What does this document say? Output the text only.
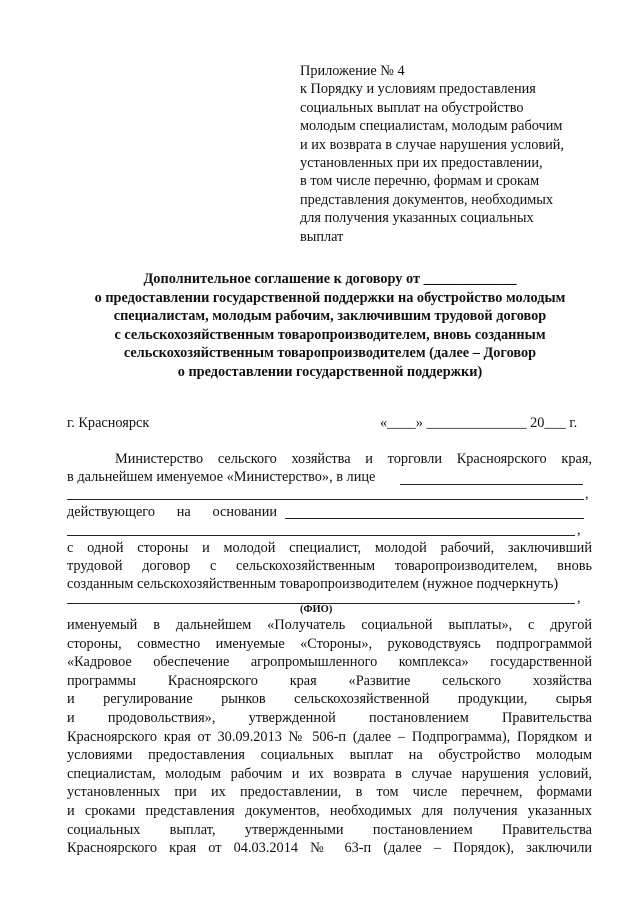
Приложение № 4
к Порядку и условиям предоставления
социальных выплат на обустройство
молодым специалистам, молодым рабочим
и их возврата в случае нарушения условий,
установленных при их предоставлении,
в том числе перечню, формам и срокам
представления документов, необходимых
для получения указанных социальных
выплат
Дополнительное соглашение к договору от _____________
о предоставлении государственной поддержки на обустройство молодым
специалистам, молодым рабочим, заключившим трудовой договор
с сельскохозяйственным товаропроизводителем, вновь созданным
сельскохозяйственным товаропроизводителем (далее – Договор
о предоставлении государственной поддержки)
г. Красноярск	«____» ______________ 20___ г.
Министерство сельского хозяйства и торговли Красноярского края,
в дальнейшем именуемое «Министерство», в лице
,
действующего на основании
,
с одной стороны и молодой специалист, молодой рабочий, заключивший
трудовой договор с сельскохозяйственным товаропроизводителем, вновь
созданным сельскохозяйственным товаропроизводителем (нужное подчеркнуть)
,
(ФИО)
именуемый в дальнейшем «Получатель социальной выплаты», с другой
стороны, совместно именуемые «Стороны», руководствуясь подпрограммой
«Кадровое обеспечение агропромышленного комплекса» государственной
программы Красноярского края «Развитие сельского хозяйства
и регулирование рынков сельскохозяйственной продукции, сырья
и продовольствия», утвержденной постановлением Правительства
Красноярского края от 30.09.2013 № 506-п (далее – Подпрограмма), Порядком и
условиями предоставления социальных выплат на обустройство молодым
специалистам, молодым рабочим и их возврата в случае нарушения условий,
установленных при их предоставлении, в том числе перечнем, формами
и сроками представления документов, необходимых для получения указанных
социальных выплат, утвержденными постановлением Правительства
Красноярского края от 04.03.2014 № 63-п (далее – Порядок), заключили
